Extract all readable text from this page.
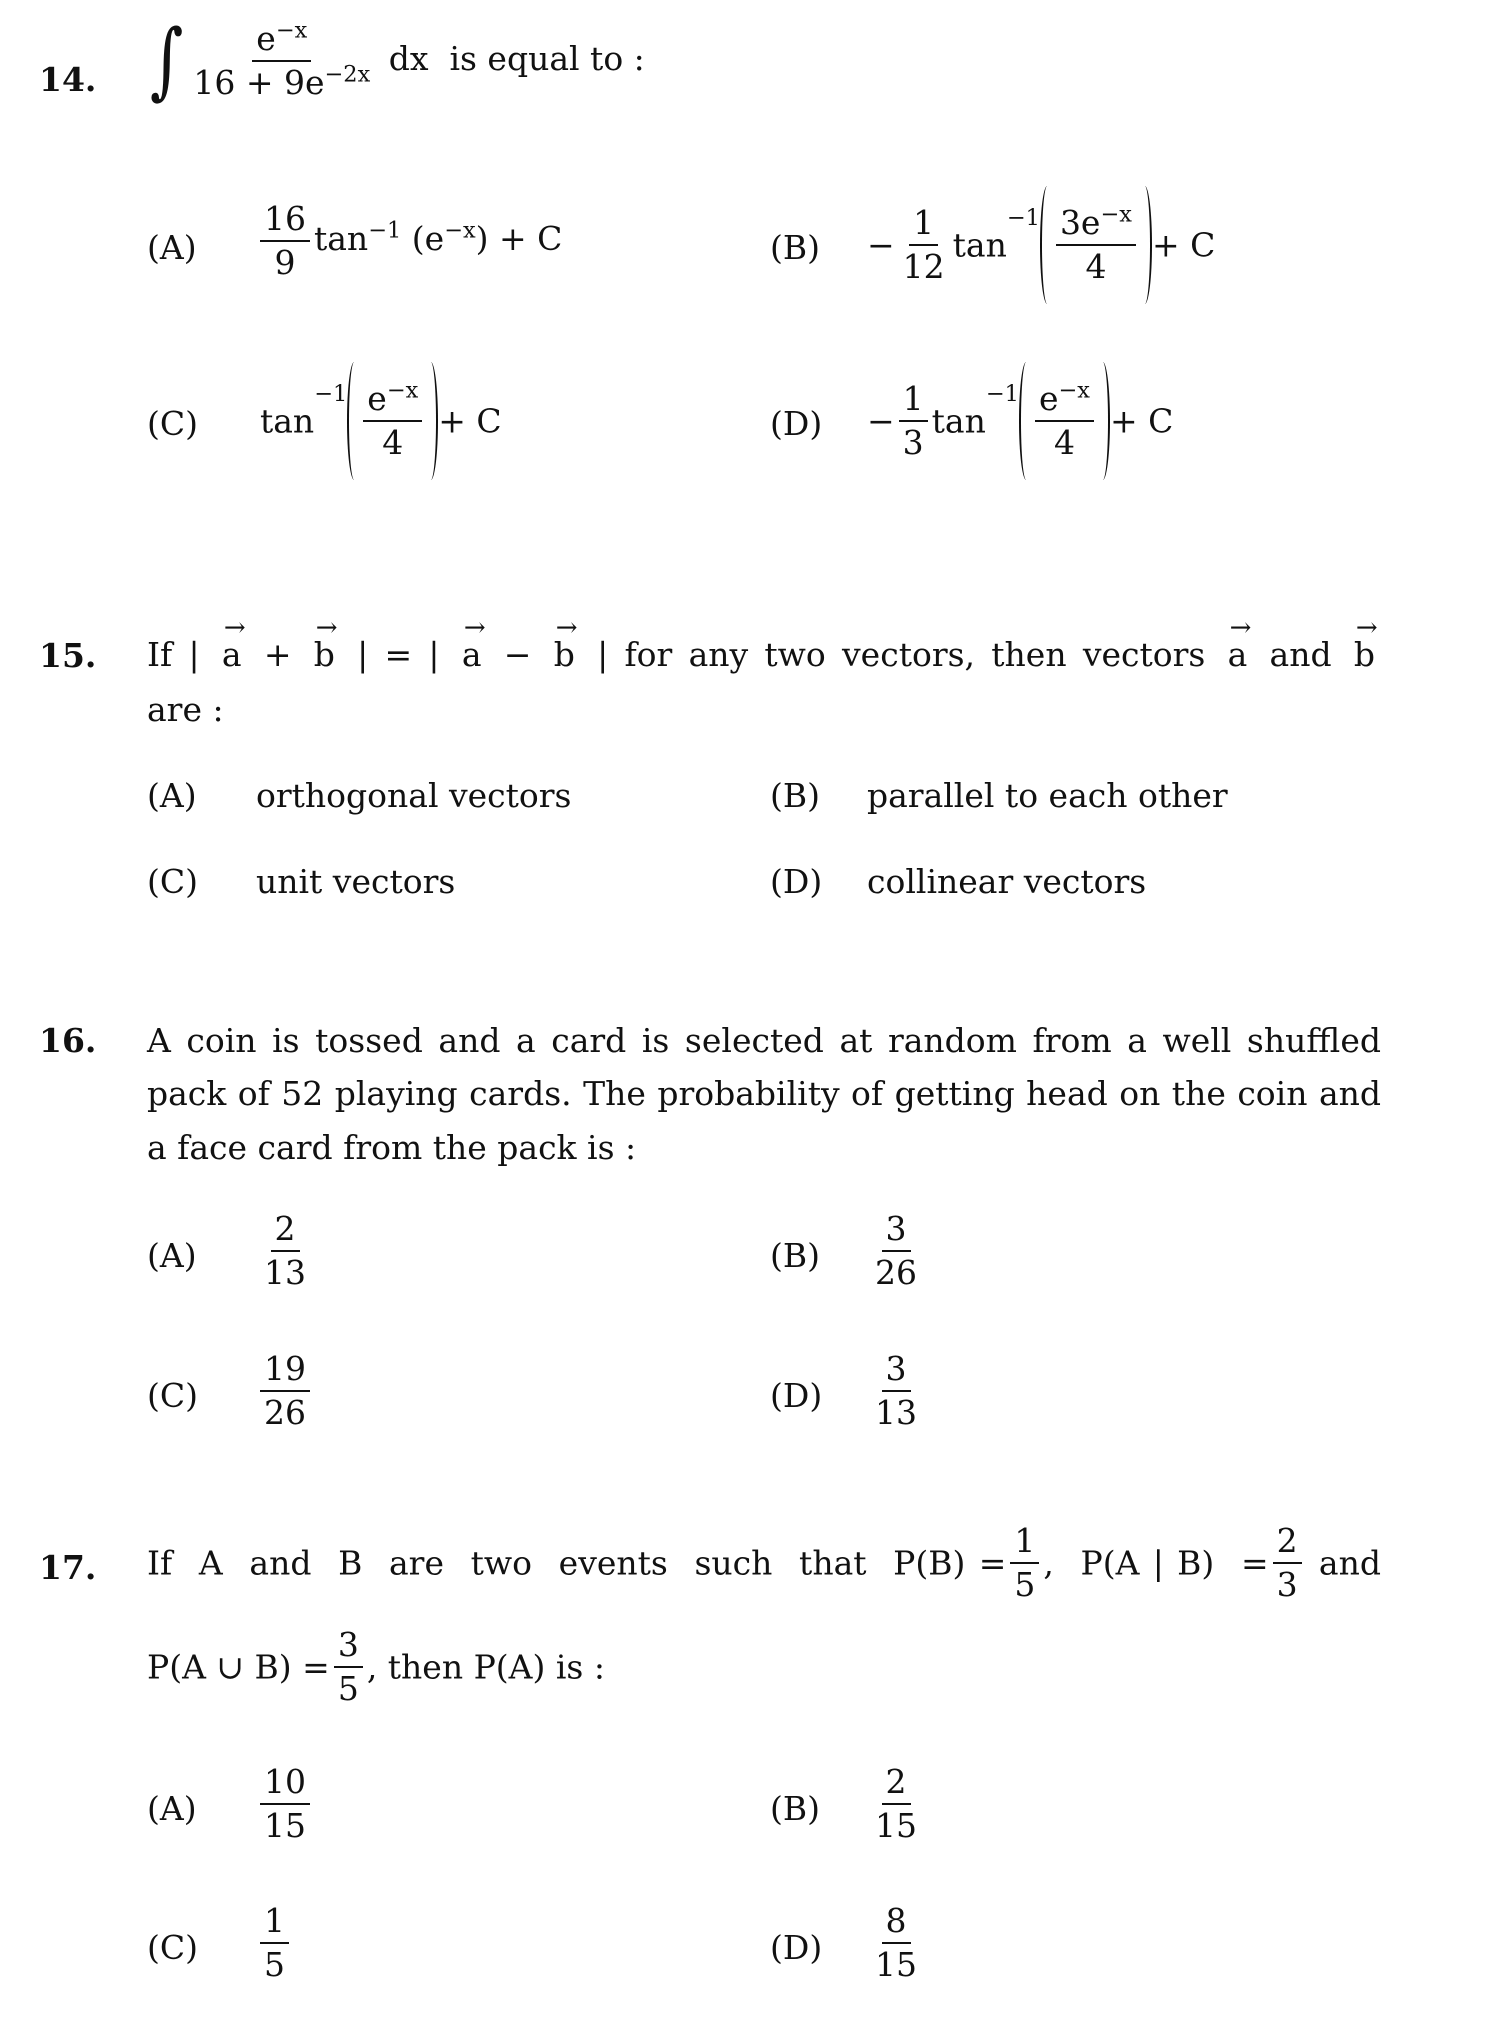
14. ∫ $\frac{e^{-x}}{16 + 9e^{-2x}}$ dx  is equal to :
$(A) \frac{16}{9} \tan^{-1} (e^{-x}) + C$	$(B) - \frac{1}{12} \tan^{-1} \frac{3e^{-x}}{4} + C$
(C) $\tan^{-1} \frac{e^{-x}}{4} + C$	$(D) - \frac{1}{3} \tan^{-1} \frac{e^{-x}}{4} + C$
15. If | → a + → b | = | → a − → b | for any two vectors, then vectors → a and → b
are :
(A) orthogonal vectors	(B) parallel to each other
(C) unit vectors	(D) collinear vectors
16. A coin is tossed and a card is selected at random from a well shuffled
pack of 52 playing cards. The probability of getting head on the coin and
a face card from the pack is :
$(A) \frac{2}{13}$	$(B) \frac{3}{26}$
$(C) \frac{19}{26}$	$(D) \frac{3}{13}$
17. If  A  and  B  are  two  events  such  that  $P(B) = \frac{1}{5}$ ,  P(A | $B) = \frac{2}{3}$ and
P(A ∪ $B) = \frac{3}{5}$ , then P(A) is :
$(A) \frac{10}{15}$	$(B) \frac{2}{15}$
$(C) \frac{1}{5}$	$(D) \frac{8}{15}$
